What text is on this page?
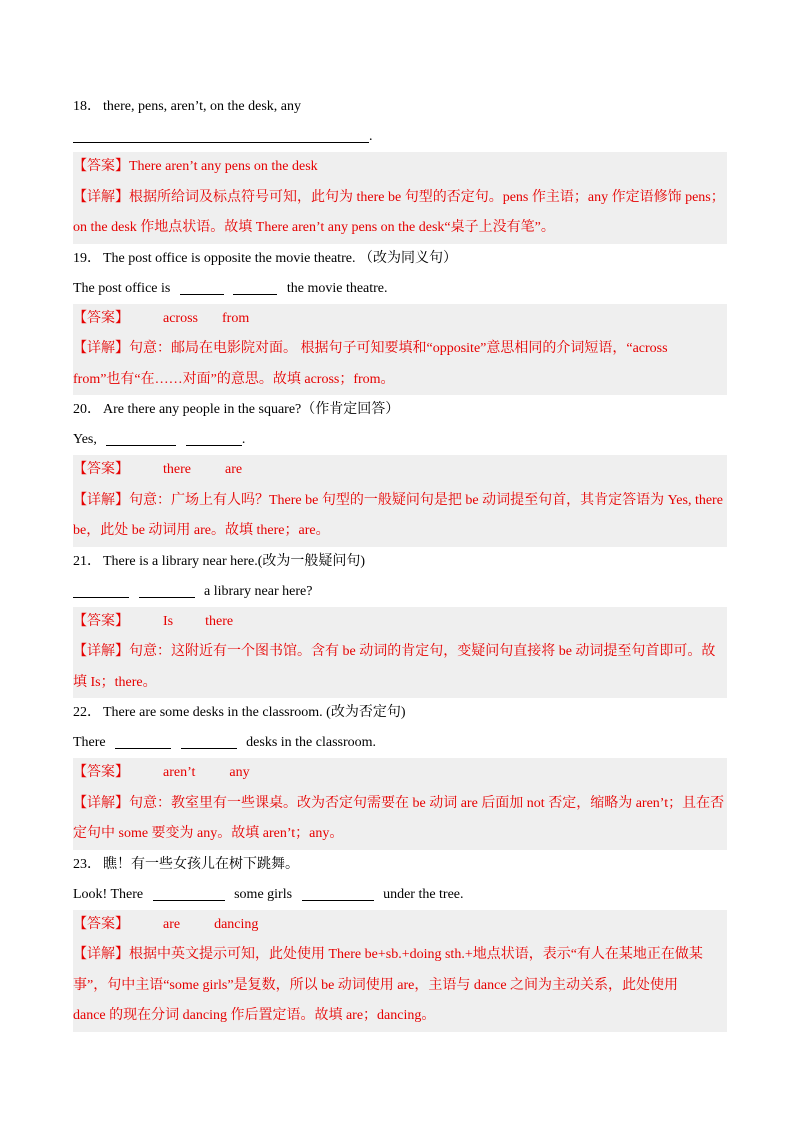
18． there, pens, aren’t, on the desk, any
.
【答案】There aren’t any pens on the desk
【详解】根据所给词及标点符号可知，此句为 there be 句型的否定句。pens 作主语；any 作定语修饰 pens；
on the desk 作地点状语。故填 There aren’t any pens on the desk“桌子上没有笔”。
19． The post office is opposite the movie theatre. （改为同义句）
The post office is	the movie theatre.
【答案】 across from
【详解】句意：邮局在电影院对面。 根据句子可知要填和“opposite”意思相同的介词短语，“across
from”也有“在……对面”的意思。故填 across；from。
20． Are there any people in the square?（作肯定回答）
Yes,	.
【答案】 there are
【详解】句意：广场上有人吗？There be 句型的一般疑问句是把 be 动词提至句首，其肯定答语为 Yes, there
be，此处 be 动词用 are。故填 there；are。
21． There is a library near here.(改为一般疑问句)
a library near here?
【答案】 Is there
【详解】句意：这附近有一个图书馆。含有 be 动词的肯定句，变疑问句直接将 be 动词提至句首即可。故
填 Is；there。
22． There are some desks in the classroom. (改为否定句)
There	desks in the classroom.
【答案】 aren’t any
【详解】句意：教室里有一些课桌。改为否定句需要在 be 动词 are 后面加 not 否定，缩略为 aren’t；且在否
定句中 some 要变为 any。故填 aren’t；any。
23． 瞧！有一些女孩儿在树下跳舞。
Look! There	some girls	under the tree.
【答案】 are dancing
【详解】根据中英文提示可知，此处使用 There be+sb.+doing sth.+地点状语，表示“有人在某地正在做某
事”，句中主语“some girls”是复数，所以 be 动词使用 are，主语与 dance 之间为主动关系，此处使用
dance 的现在分词 dancing 作后置定语。故填 are；dancing。
